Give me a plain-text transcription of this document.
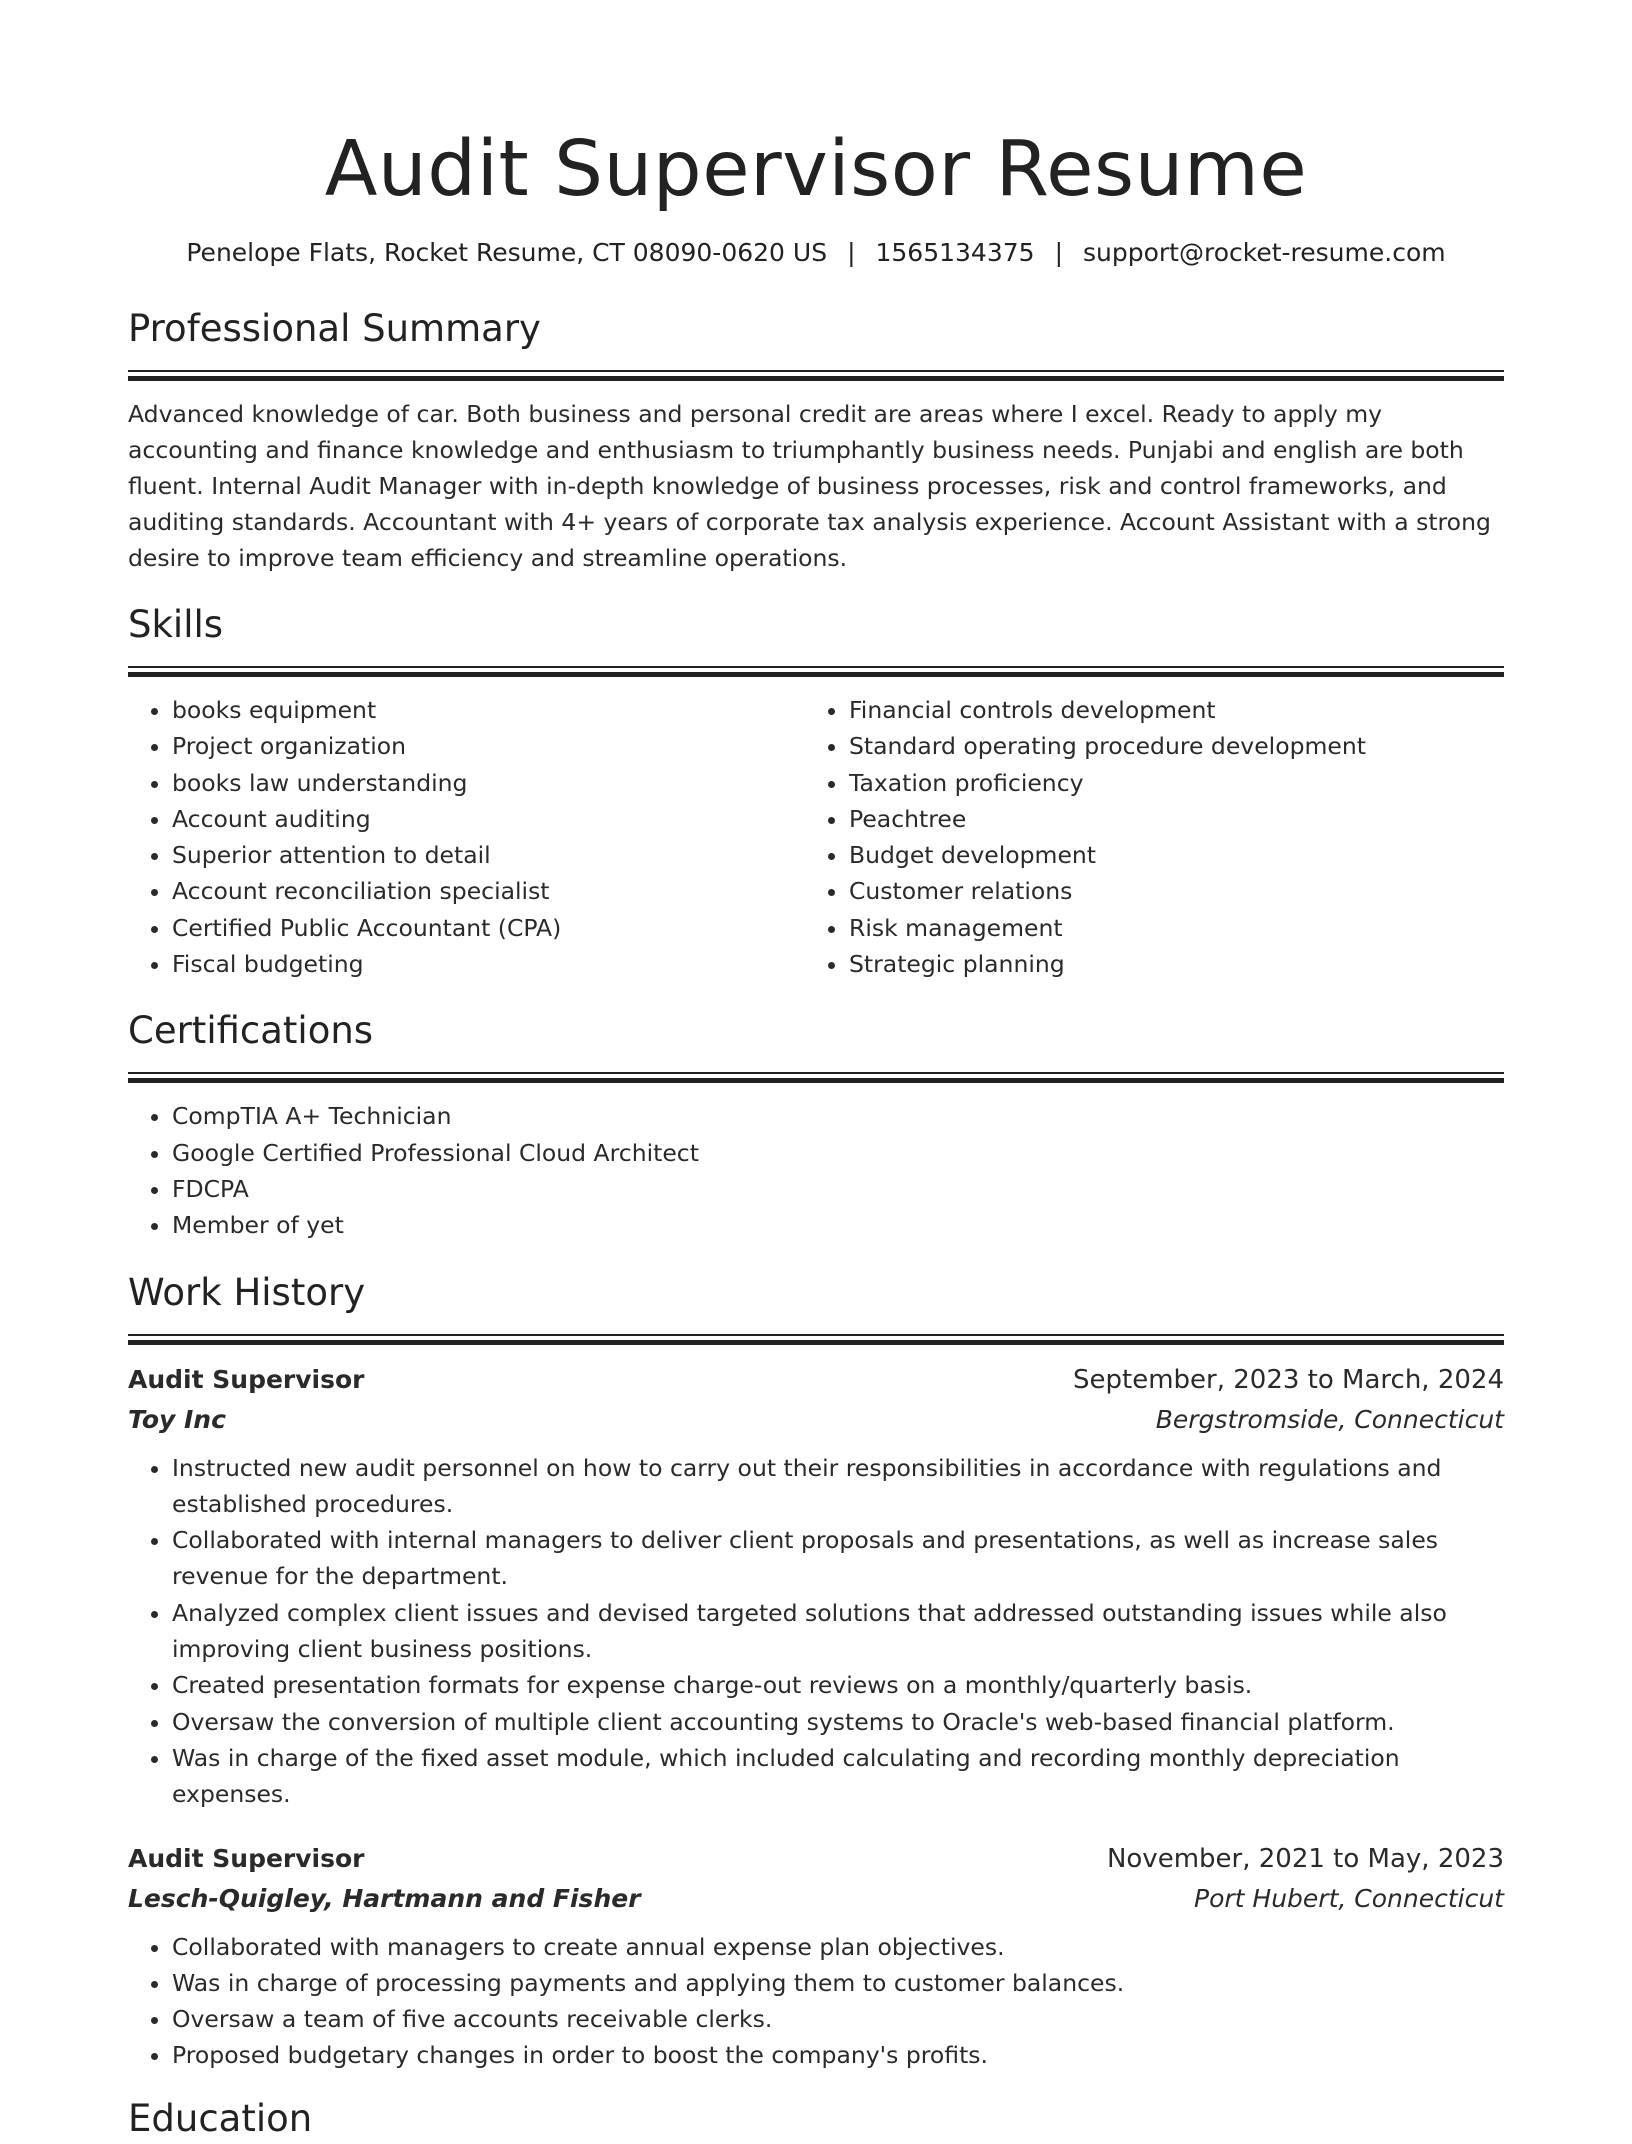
Audit Supervisor Resume
Penelope Flats, Rocket Resume, CT 08090-0620 US | 1565134375 | support@rocket-resume.com
Professional Summary

Advanced knowledge of car. Both business and personal credit are areas where I excel. Ready to apply my accounting and finance knowledge and enthusiasm to triumphantly business needs. Punjabi and english are both fluent. Internal Audit Manager with in-depth knowledge of business processes, risk and control frameworks, and auditing standards. Accountant with 4+ years of corporate tax analysis experience. Account Assistant with a strong desire to improve team efficiency and streamline operations.

Skills
• books equipment
• Project organization
• books law understanding
• Account auditing
• Superior attention to detail
• Account reconciliation specialist
• Certified Public Accountant (CPA)
• Fiscal budgeting
• Financial controls development
• Standard operating procedure development
• Taxation proficiency
• Peachtree
• Budget development
• Customer relations
• Risk management
• Strategic planning
Certifications
• CompTIA A+ Technician
• Google Certified Professional Cloud Architect
• FDCPA
• Member of yet
Work History
Audit Supervisor	September, 2023 to March, 2024
Toy Inc	Bergstromside, Connecticut
• Instructed new audit personnel on how to carry out their responsibilities in accordance with regulations and established procedures.
• Collaborated with internal managers to deliver client proposals and presentations, as well as increase sales revenue for the department.
• Analyzed complex client issues and devised targeted solutions that addressed outstanding issues while also improving client business positions.
• Created presentation formats for expense charge-out reviews on a monthly/quarterly basis.
• Oversaw the conversion of multiple client accounting systems to Oracle's web-based financial platform.
• Was in charge of the fixed asset module, which included calculating and recording monthly depreciation expenses.
Audit Supervisor	November, 2021 to May, 2023
Lesch-Quigley, Hartmann and Fisher	Port Hubert, Connecticut
• Collaborated with managers to create annual expense plan objectives.
• Was in charge of processing payments and applying them to customer balances.
• Oversaw a team of five accounts receivable clerks.
• Proposed budgetary changes in order to boost the company's profits.
Education
